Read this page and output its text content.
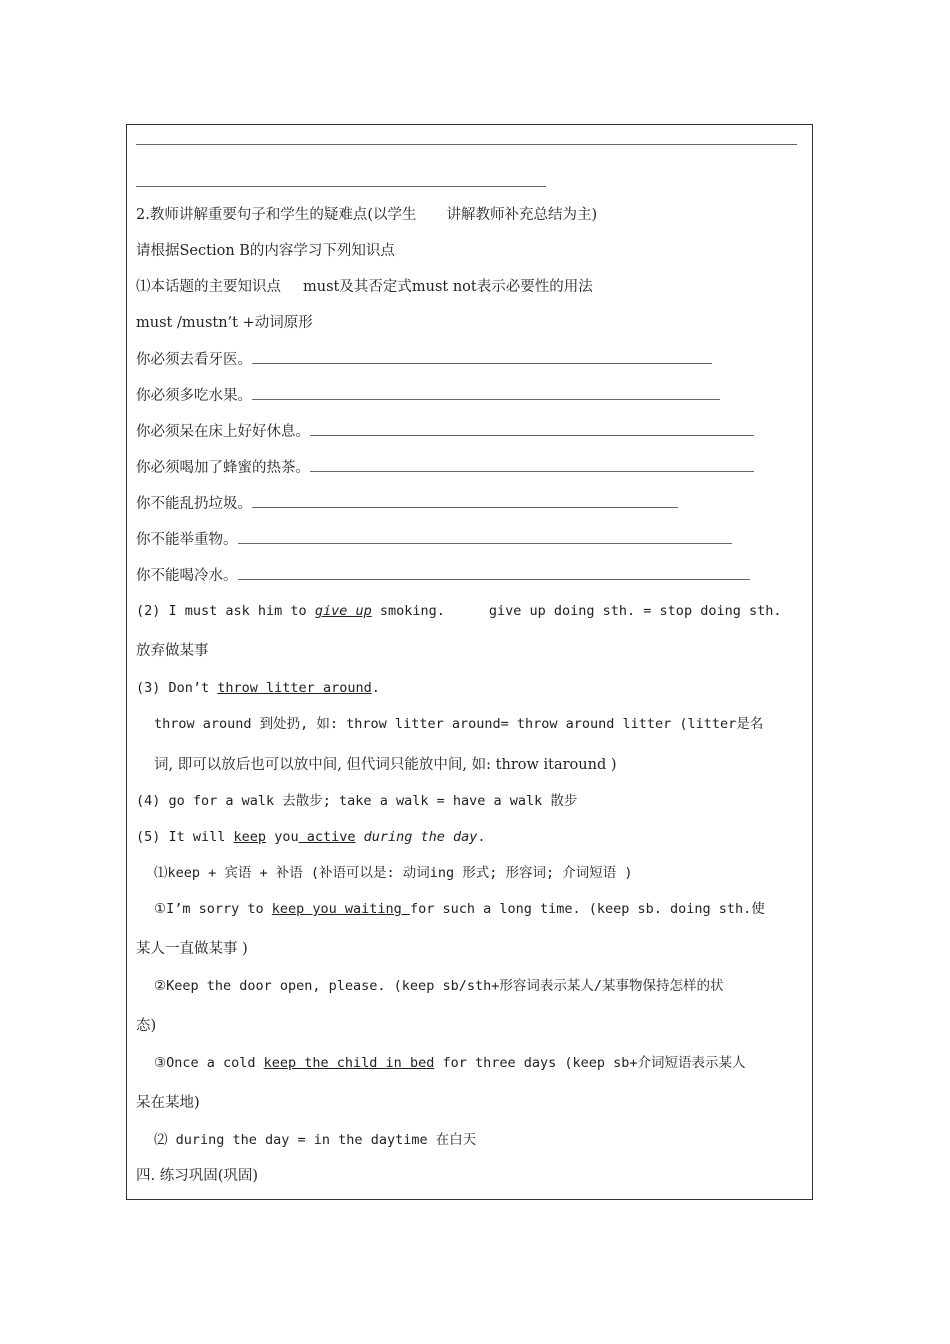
2.教师讲解重要句子和学生的疑难点(以学生 讲解教师补充总结为主)
请根据Section B的内容学习下列知识点
⑴本话题的主要知识点 must及其否定式must not表示必要性的用法
must /mustn’t +动词原形
你必须去看牙医。
你必须多吃水果。
你必须呆在床上好好休息。
你必须喝加了蜂蜜的热茶。
你不能乱扔垃圾。
你不能举重物。
你不能喝冷水。
(2) I must ask him to give up smoking.	give up doing sth. = stop doing sth.
放弃做某事
(3) Don’t throw litter around.
throw around 到处扔, 如: throw litter around= throw around litter (litter是名
词, 即可以放后也可以放中间, 但代词只能放中间, 如: throw itaround )
(4) go for a walk 去散步; take a walk = have a walk 散步
(5) It will keep you active during the day.
⑴keep + 宾语 + 补语 (补语可以是: 动词ing 形式; 形容词; 介词短语 )
①I’m sorry to keep you waiting for such a long time. (keep sb. doing sth.使
某人一直做某事 )
②Keep the door open, please. (keep sb/sth+形容词表示某人/某事物保持怎样的状
态)
③Once a cold keep the child in bed for three days (keep sb+介词短语表示某人
呆在某地)
⑵ during the day = in the daytime 在白天
四. 练习巩固(巩固)
